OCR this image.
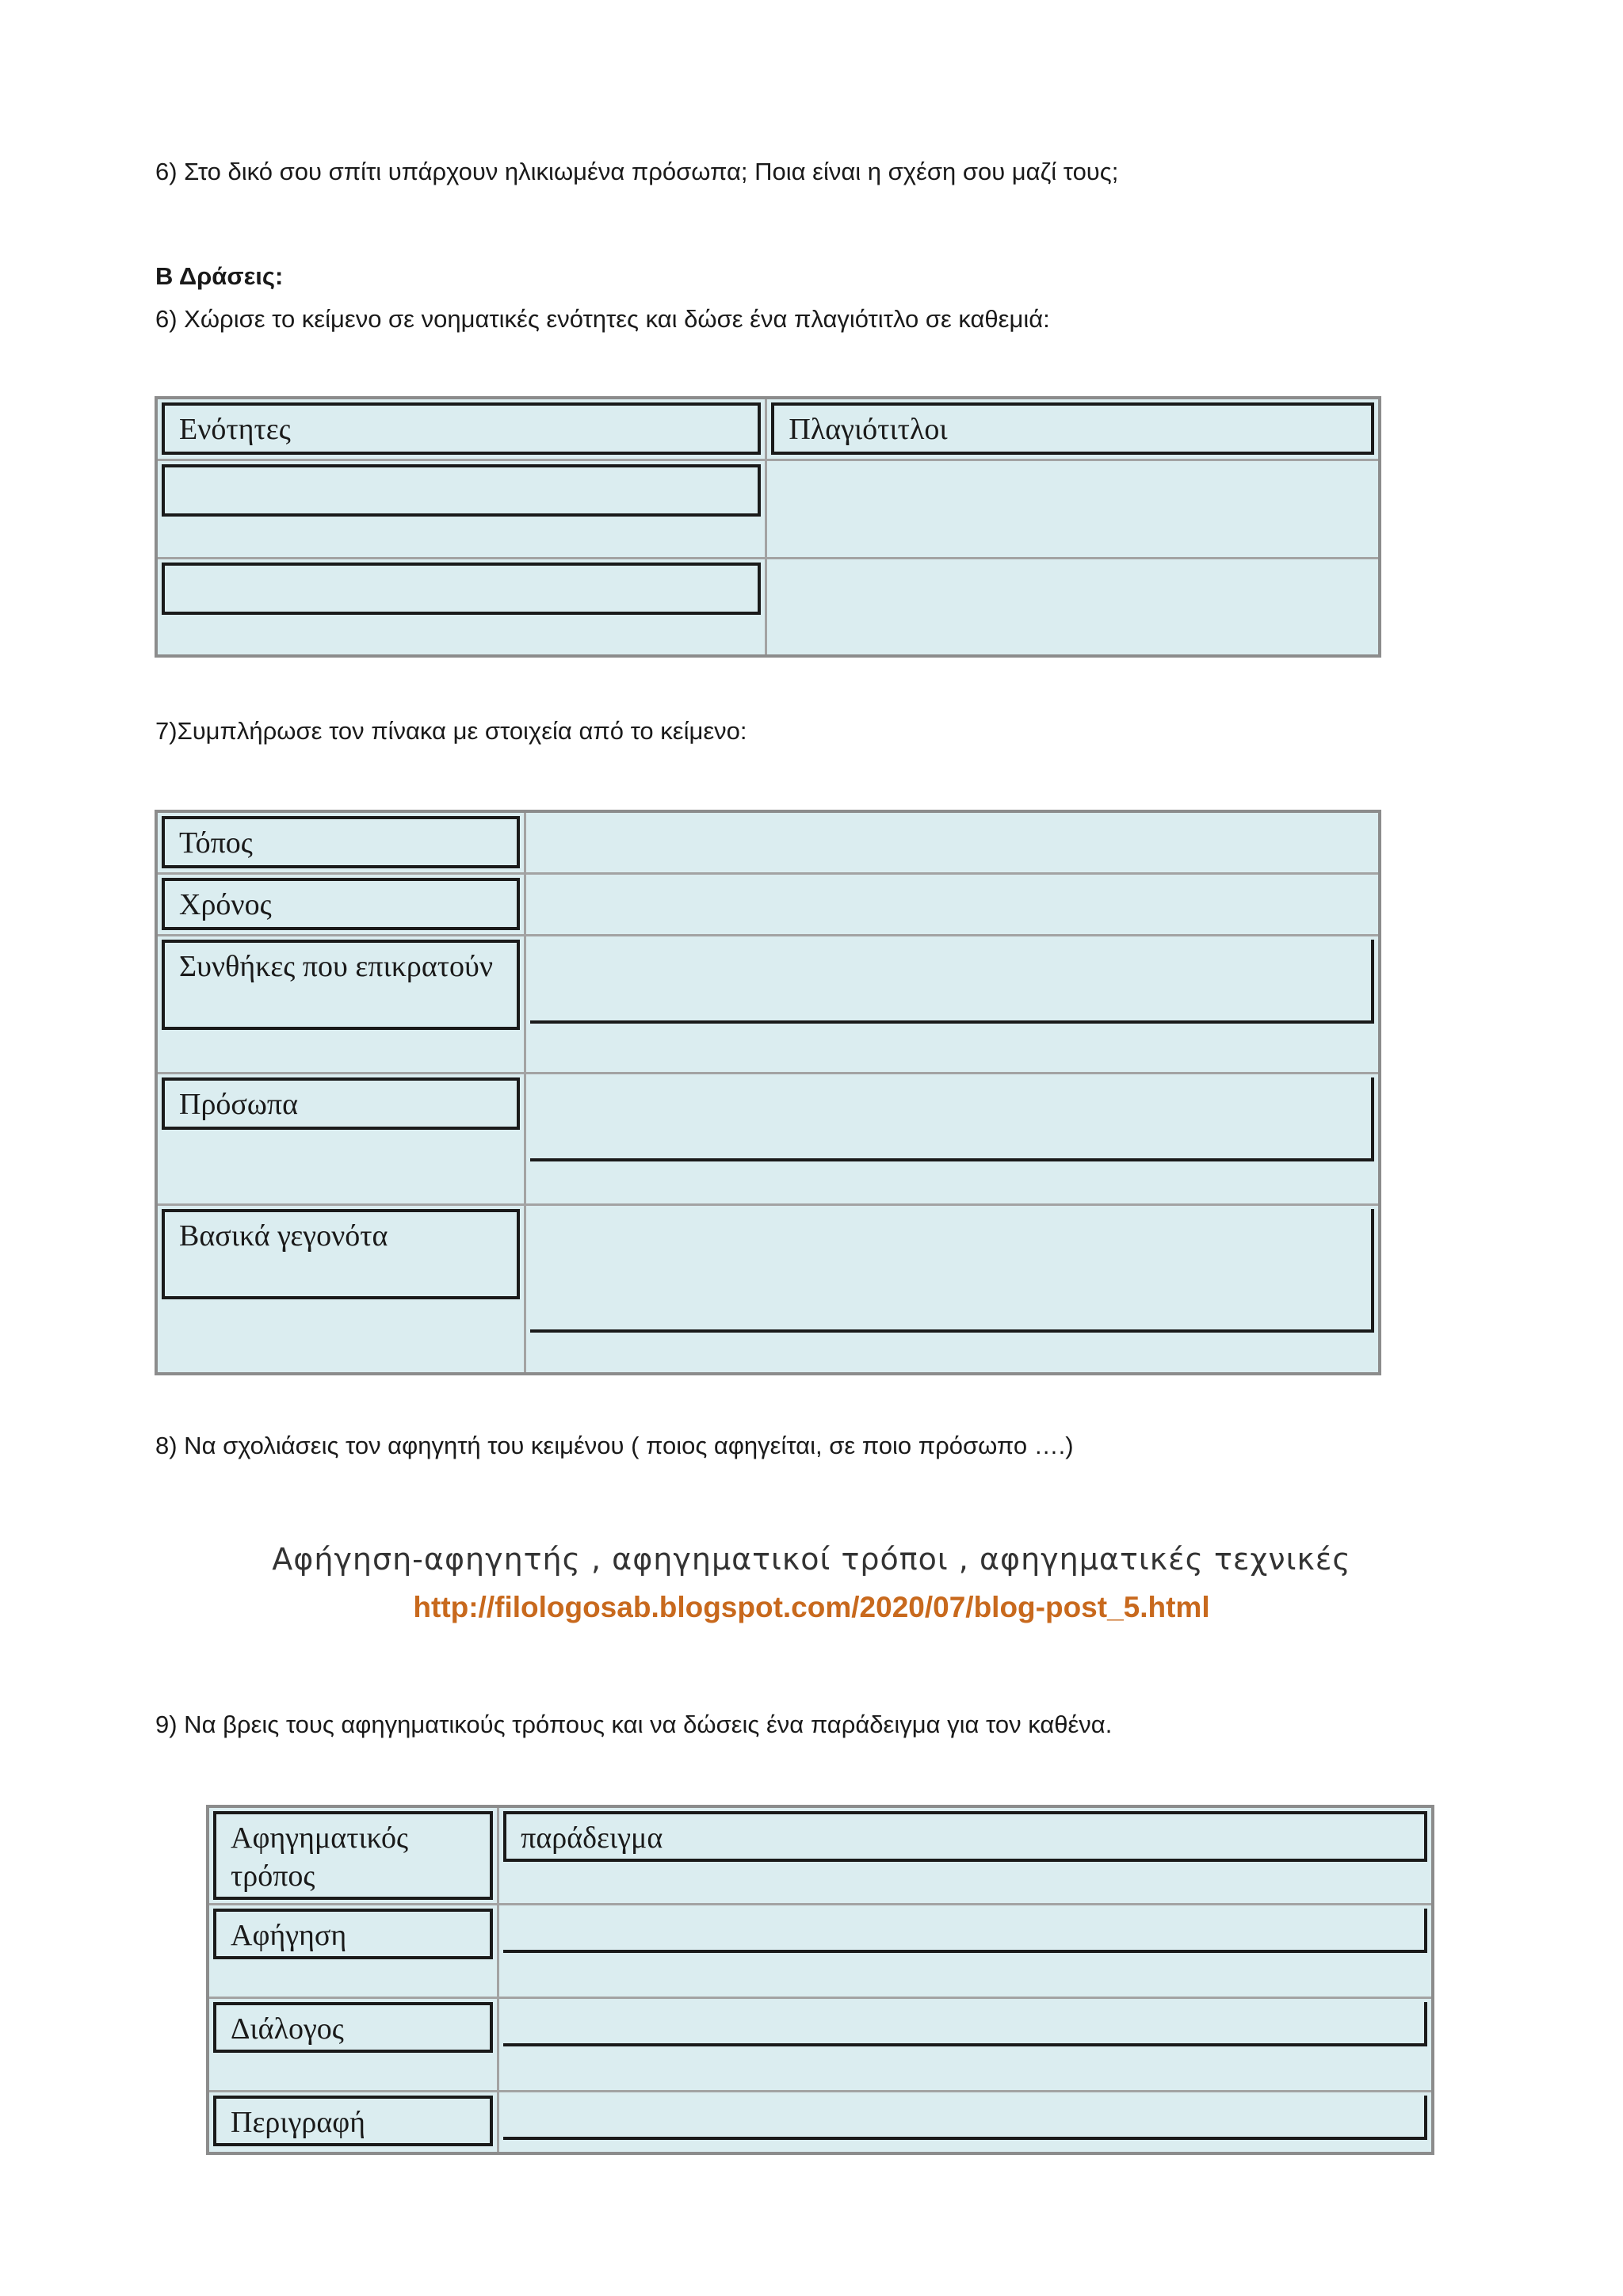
6) Στο δικό σου σπίτι υπάρχουν ηλικιωμένα πρόσωπα; Ποια είναι η σχέση σου μαζί τους;
Β Δράσεις:
6) Χώρισε το κείμενο σε νοηματικές ενότητες και δώσε ένα πλαγιότιτλο σε καθεμιά:
Ενότητες	Πλαγιότιτλοι

7)Συμπλήρωσε τον πίνακα με στοιχεία από το κείμενο:
Τόπος	

Χρόνος	

Συνθήκες που επικρατούν	

Πρόσωπα	

Βασικά γεγονότα	

8) Να σχολιάσεις τον αφηγητή του κειμένου ( ποιος αφηγείται, σε ποιο πρόσωπο ….)
Αφήγηση-αφηγητής , αφηγηματικοί τρόποι , αφηγηματικές τεχνικές
http://filologosab.blogspot.com/2020/07/blog-post_5.html
9) Να βρεις τους αφηγηματικούς τρόπους και να δώσεις ένα παράδειγμα για τον καθένα.
Αφηγηματικός τρόπος	παράδειγμα

Αφήγηση	

Διάλογος	

Περιγραφή	
